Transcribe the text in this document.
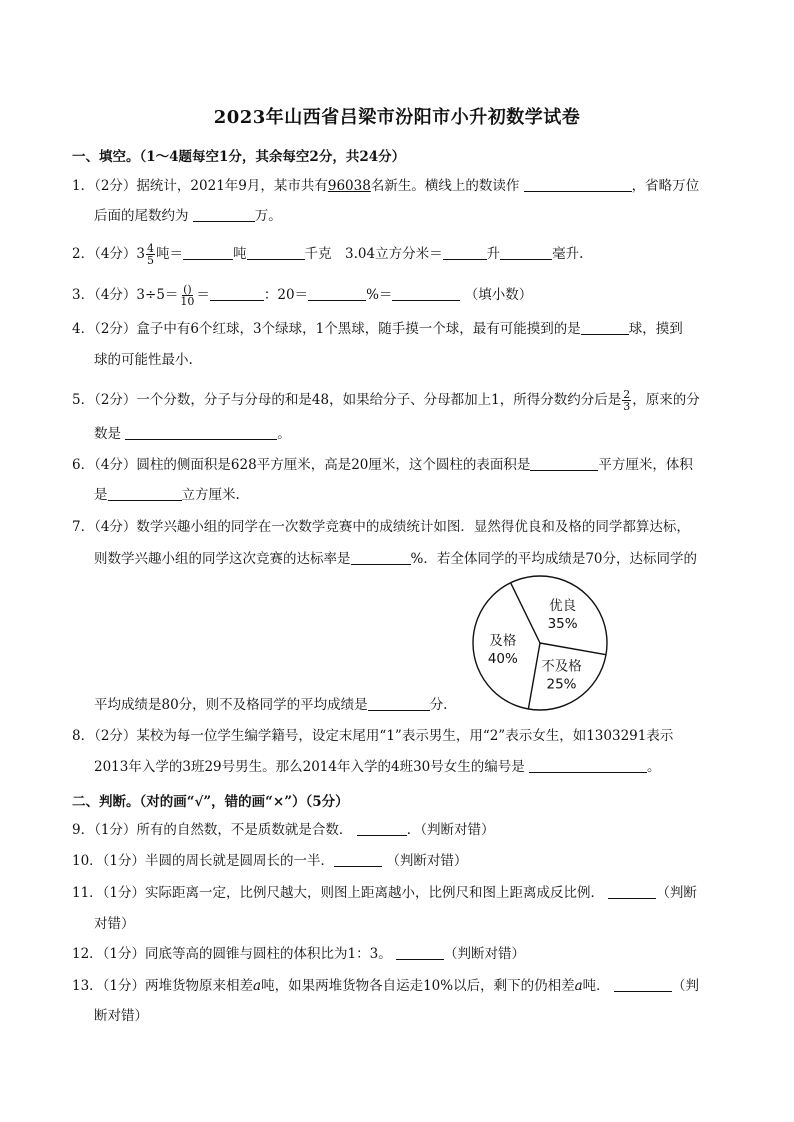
2023年山西省吕梁市汾阳市小升初数学试卷
一、填空。（1～4题每空1分，其余每空2分，共24分）
1．（2分）据统计，2021年9月，某市共有96038名新生。横线上的数读作	，省略万位
后面的尾数约为	万。
2．（4分）$3 \frac{4}{5}$ 吨＝	吨	千克　3.04立方分米＝	升	毫升.
3．（4分）$3\div 5= \frac{()}{10}$ ＝	：20＝	%＝	（填小数）
4．（2分）盒子中有6个红球，3个绿球，1个黑球，随手摸一个球，最有可能摸到的是	球，摸到
球的可能性最小.
5．（2分）一个分数，分子与分母的和是48，如果给分子、分母都加上1，所得分数约分后是 $\frac{2}{3}$ ，原来的分
数是	。
6．（4分）圆柱的侧面积是628平方厘米，高是20厘米，这个圆柱的表面积是	平方厘米，体积
是	立方厘米.
7．（4分）数学兴趣小组的同学在一次数学竞赛中的成绩统计如图．显然得优良和及格的同学都算达标，
则数学兴趣小组的同学这次竞赛的达标率是	%．若全体同学的平均成绩是70分，达标同学的
优良
35%
不及格
25%
及格
40%
平均成绩是80分，则不及格同学的平均成绩是	分.
8．（2分）某校为每一位学生编学籍号，设定末尾用“1”表示男生，用“2”表示女生，如1303291表示
2013年入学的3班29号男生。那么2014年入学的4班30号女生的编号是	。
二、判断。（对的画“√”，错的画“×”）（5分）
9．（1分）所有的自然数，不是质数就是合数．	．（判断对错）
10．（1分）半圆的周长就是圆周长的一半．	（判断对错）
11．（1分）实际距离一定，比例尺越大，则图上距离越小，比例尺和图上距离成反比例．	（判断
对错）
12．（1分）同底等高的圆锥与圆柱的体积比为1：3。	（判断对错）
13．（1分）两堆货物原来相差a吨，如果两堆货物各自运走10%以后，剩下的仍相差a吨．	（判
断对错）
